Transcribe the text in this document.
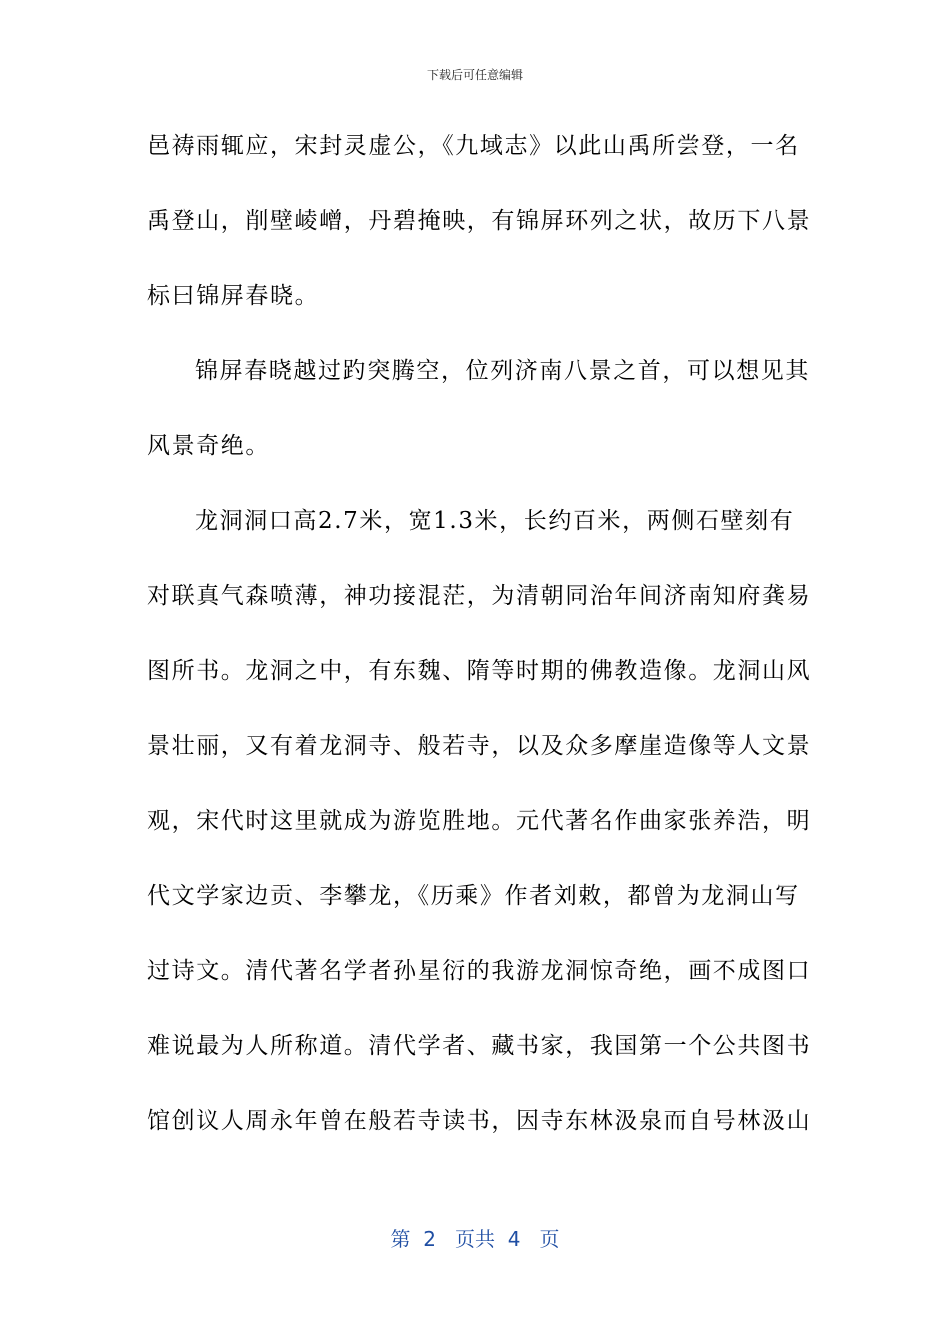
下载后可任意编辑
邑祷雨辄应，宋封灵虚公，《九域志》以此山禹所尝登，一名
禹登山，削壁崚嶒，丹碧掩映，有锦屏环列之状，故历下八景
标曰锦屏春晓。
锦屏春晓越过趵突腾空，位列济南八景之首，可以想见其
风景奇绝。
龙洞洞口高2.7米，宽1.3米，长约百米，两侧石壁刻有
对联真气森喷薄，神功接混茫，为清朝同治年间济南知府龚易
图所书。龙洞之中，有东魏、隋等时期的佛教造像。龙洞山风
景壮丽，又有着龙洞寺、般若寺，以及众多摩崖造像等人文景
观，宋代时这里就成为游览胜地。元代著名作曲家张养浩，明
代文学家边贡、李攀龙，《历乘》作者刘敕，都曾为龙洞山写
过诗文。清代著名学者孙星衍的我游龙洞惊奇绝，画不成图口
难说最为人所称道。清代学者、藏书家，我国第一个公共图书
馆创议人周永年曾在般若寺读书，因寺东林汲泉而自号林汲山
第  2   页共  4   页
